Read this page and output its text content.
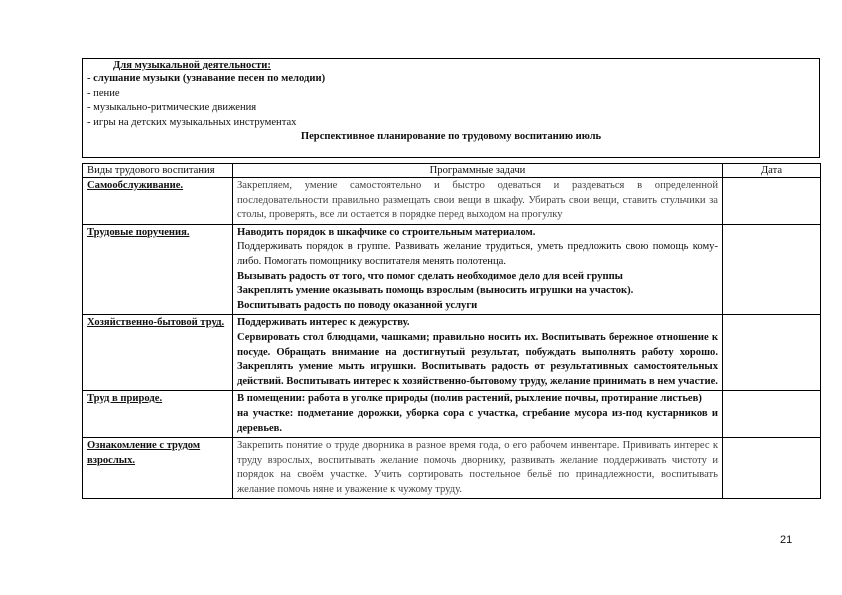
Для музыкальной деятельности:
- слушание музыки (узнавание песен по мелодии)
- пение
- музыкально-ритмические движения
- игры на детских музыкальных инструментах
Перспективное планирование по трудовому воспитанию июль
Виды трудового воспитания	Программные задачи	Дата
Самообслуживание.	Закрепляем, умение самостоятельно и быстро одеваться и раздеваться в определенной последовательности правильно размещать свои вещи в шкафу. Убирать свои вещи, ставить стульчики за столы, проверять, все ли остается в порядке перед выходом на прогулку	

Трудовые поручения.	Наводить порядок в шкафчике со строительным материалом.
Поддерживать порядок в группе. Развивать желание трудиться, уметь предложить свою помощь кому-либо. Помогать помощнику воспитателя менять полотенца.
Вызывать радость от того, что помог сделать необходимое дело для всей группы
Закреплять умение оказывать помощь взрослым (выносить игрушки на участок).
Воспитывать радость по поводу оказанной услуги	

Хозяйственно-бытовой труд.	Поддерживать интерес к дежурству.
Сервировать стол блюдцами, чашками; правильно носить их. Воспитывать бережное отношение к посуде. Обращать внимание на достигнутый результат, побуждать выполнять работу хорошо. Закреплять умение мыть игрушки. Воспитывать радость от результативных самостоятельных действий. Воспитывать интерес к хозяйственно-бытовому труду, желание принимать в нем участие.	

Труд в природе.	В помещении: работа в уголке природы (полив растений, рыхление почвы, протирание листьев)
на участке: подметание дорожки, уборка сора с участка, сгребание мусора из-под кустарников и деревьев.	

Ознакомление с трудом взрослых.	Закрепить понятие о труде дворника в разное время года, о его рабочем инвентаре. Прививать интерес к труду взрослых, воспитывать желание помочь дворнику, развивать желание поддерживать чистоту и порядок на своём участке. Учить сортировать постельное бельё по принадлежности, воспитывать желание помочь няне и уважение к чужому труду.	

21
